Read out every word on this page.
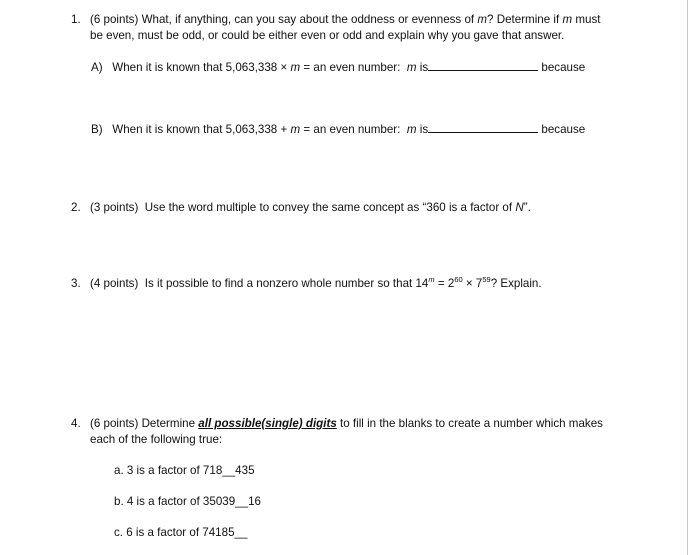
1. (6 points) What, if anything, can you say about the oddness or evenness of m? Determine if m must
be even, must be odd, or could be either even or odd and explain why you gave that answer.
A) When it is known that 5,063,338 × m = an even number: m is	because
B) When it is known that 5,063,338 + m = an even number: m is	because
2. (3 points) Use the word multiple to convey the same concept as “360 is a factor of N”.
3. (4 points) Is it possible to find a nonzero whole number so that $14^m = 2^{60} \times 7^{59}$? Explain.
4. (6 points) Determine all possible(single) digits to fill in the blanks to create a number which makes
each of the following true:
a. 3 is a factor of 718__435
b. 4 is a factor of 35039__16
c. 6 is a factor of 74185__
